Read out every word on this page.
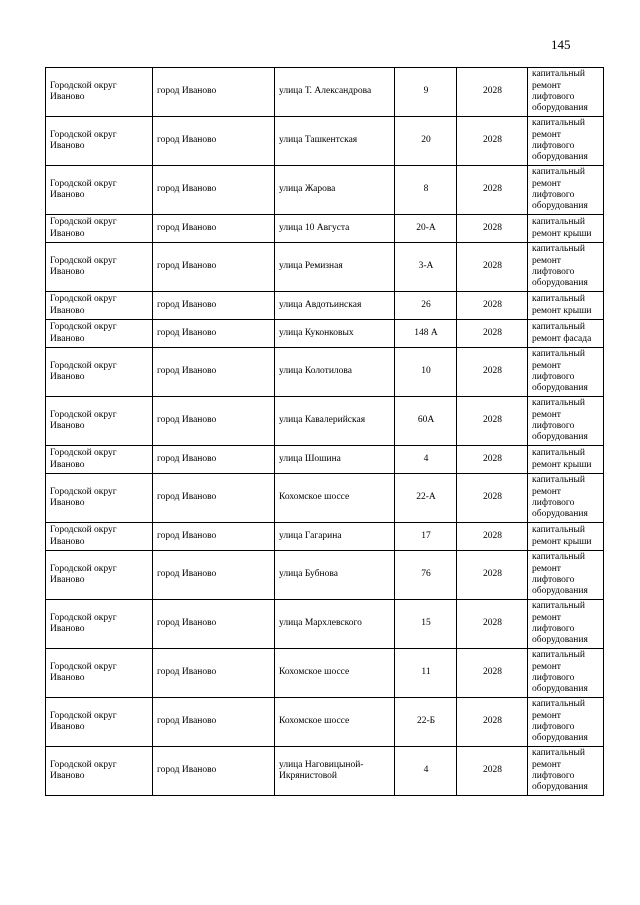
145
Городской округ Иваново	город Иваново	улица Т. Александрова	9	2028	капитальный ремонт лифтового оборудования
Городской округ Иваново	город Иваново	улица Ташкентская	20	2028	капитальный ремонт лифтового оборудования
Городской округ Иваново	город Иваново	улица Жарова	8	2028	капитальный ремонт лифтового оборудования
Городской округ Иваново	город Иваново	улица 10 Августа	20-А	2028	капитальный ремонт крыши
Городской округ Иваново	город Иваново	улица Ремизная	3-А	2028	капитальный ремонт лифтового оборудования
Городской округ Иваново	город Иваново	улица Авдотьинская	26	2028	капитальный ремонт крыши
Городской округ Иваново	город Иваново	улица Куконковых	148 А	2028	капитальный ремонт фасада
Городской округ Иваново	город Иваново	улица Колотилова	10	2028	капитальный ремонт лифтового оборудования
Городской округ Иваново	город Иваново	улица Кавалерийская	60А	2028	капитальный ремонт лифтового оборудования
Городской округ Иваново	город Иваново	улица Шошина	4	2028	капитальный ремонт крыши
Городской округ Иваново	город Иваново	Кохомское шоссе	22-А	2028	капитальный ремонт лифтового оборудования
Городской округ Иваново	город Иваново	улица Гагарина	17	2028	капитальный ремонт крыши
Городской округ Иваново	город Иваново	улица Бубнова	76	2028	капитальный ремонт лифтового оборудования
Городской округ Иваново	город Иваново	улица Мархлевского	15	2028	капитальный ремонт лифтового оборудования
Городской округ Иваново	город Иваново	Кохомское шоссе	11	2028	капитальный ремонт лифтового оборудования
Городской округ Иваново	город Иваново	Кохомское шоссе	22-Б	2028	капитальный ремонт лифтового оборудования
Городской округ Иваново	город Иваново	улица Наговицыной-Икрянистовой	4	2028	капитальный ремонт лифтового оборудования
